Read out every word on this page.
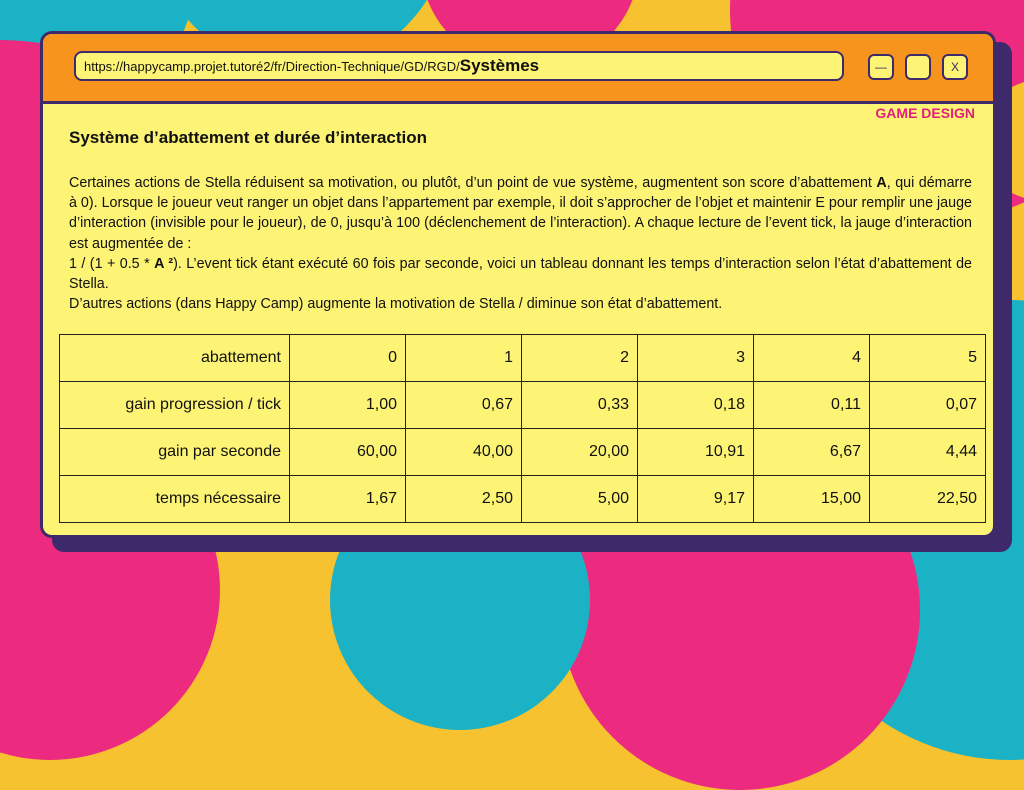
https://happycamp.projet.tutoré2/fr/Direction-Technique/GD/RGD/ Systèmes	—	X
GAME DESIGN
Système d’abattement et durée d’interaction

Certaines actions de Stella réduisent sa motivation, ou plutôt, d’un point de vue système, augmentent son score d’abattement A, qui démarre à 0). Lorsque le joueur veut ranger un objet dans l’appartement par exemple, il doit s’approcher de l’objet et maintenir E pour remplir une jauge d’interaction (invisible pour le joueur), de 0, jusqu’à 100 (déclenchement de l’interaction). A chaque lecture de l’event tick, la jauge d’interaction est augmentée de :

1 / (1 + 0.5 * A ²). L’event tick étant exécuté 60 fois par seconde, voici un tableau donnant les temps d’interaction selon l’état d’abattement de Stella.

D’autres actions (dans Happy Camp) augmente la motivation de Stella / diminue son état d’abattement.

abattement	0	1	2	3	4	5
gain progression / tick	1,00	0,67	0,33	0,18	0,11	0,07
gain par seconde	60,00	40,00	20,00	10,91	6,67	4,44
temps nécessaire	1,67	2,50	5,00	9,17	15,00	22,50
